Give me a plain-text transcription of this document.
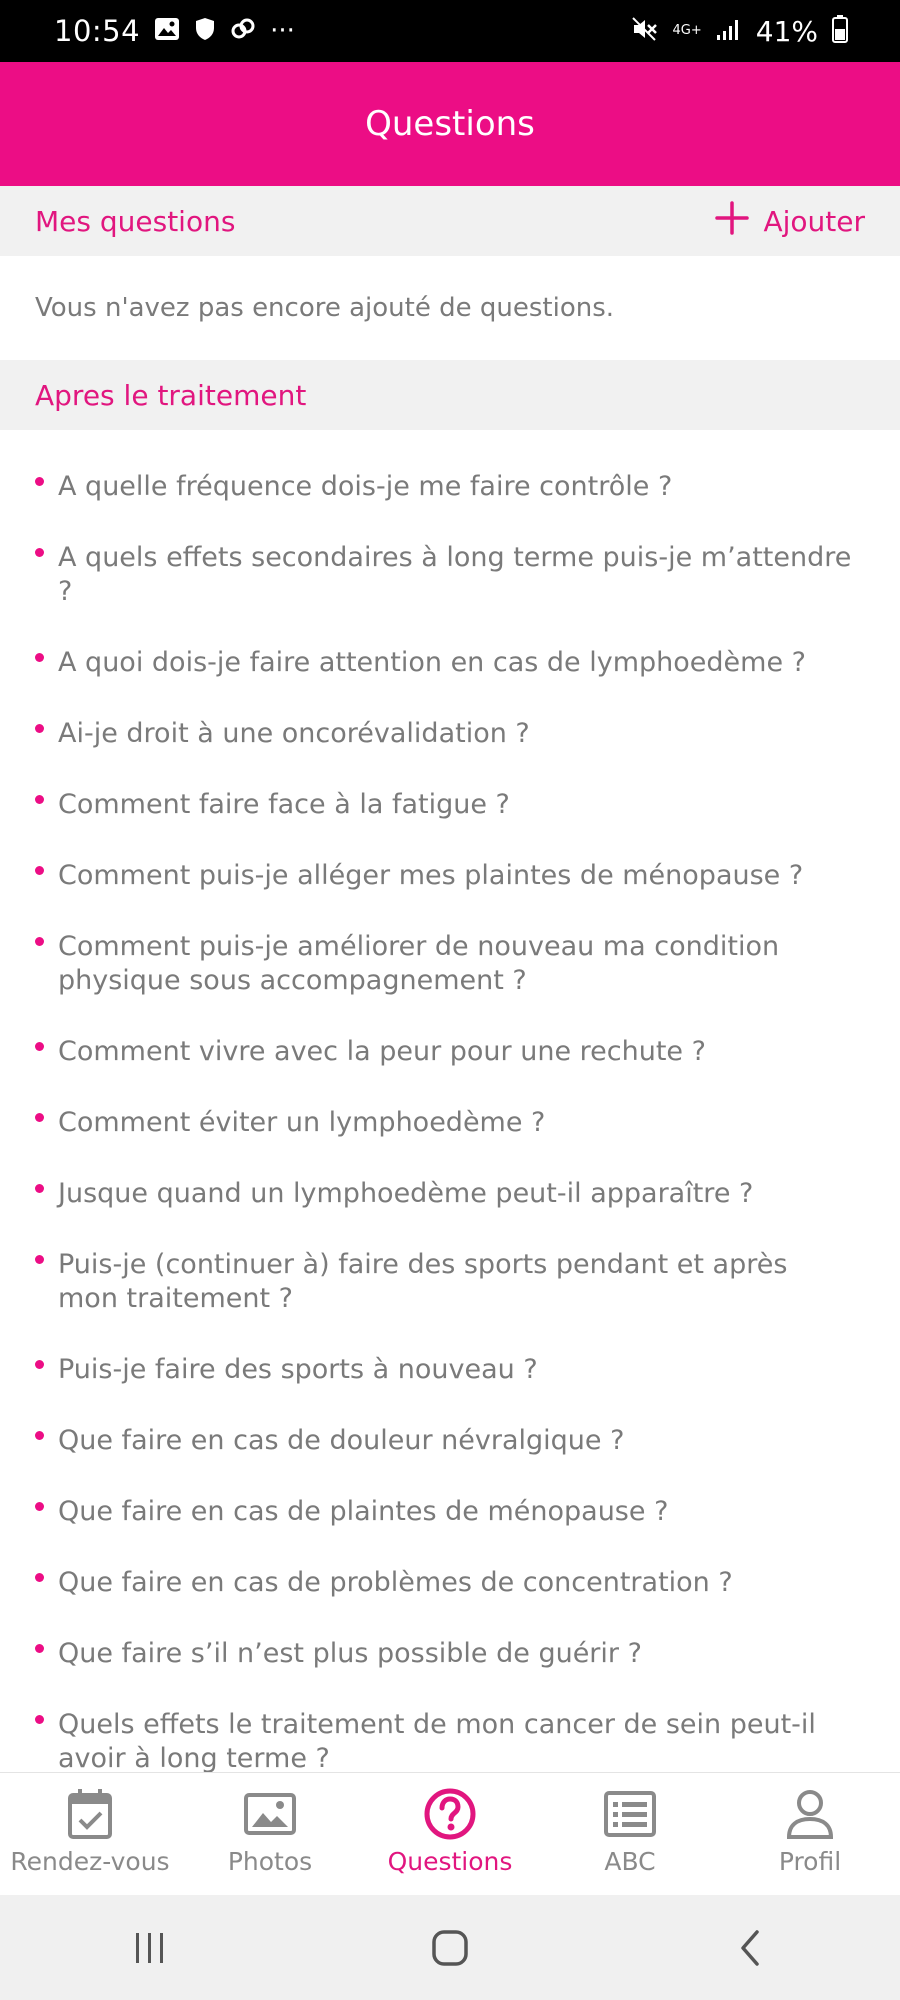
10:54	···	4G+ 41%
Questions
Mes questions	Ajouter
Vous n'avez pas encore ajouté de questions.
Apres le traitement
A quelle fréquence dois-je me faire contrôle ?
A quels effets secondaires à long terme puis-je m’attendre ?
A quoi dois-je faire attention en cas de lymphoedème ?
Ai-je droit à une oncorévalidation ?
Comment faire face à la fatigue ?
Comment puis-je alléger mes plaintes de ménopause ?
Comment puis-je améliorer de nouveau ma condition physique sous accompagnement ?
Comment vivre avec la peur pour une rechute ?
Comment éviter un lymphoedème ?
Jusque quand un lymphoedème peut-il apparaître ?
Puis-je (continuer à) faire des sports pendant et après mon traitement ?
Puis-je faire des sports à nouveau ?
Que faire en cas de douleur névralgique ?
Que faire en cas de plaintes de ménopause ?
Que faire en cas de problèmes de concentration ?
Que faire s’il n’est plus possible de guérir ?
Quels effets le traitement de mon cancer de sein peut-il avoir à long terme ?
Rendez-vous Photos	Questions	ABC	Profil
